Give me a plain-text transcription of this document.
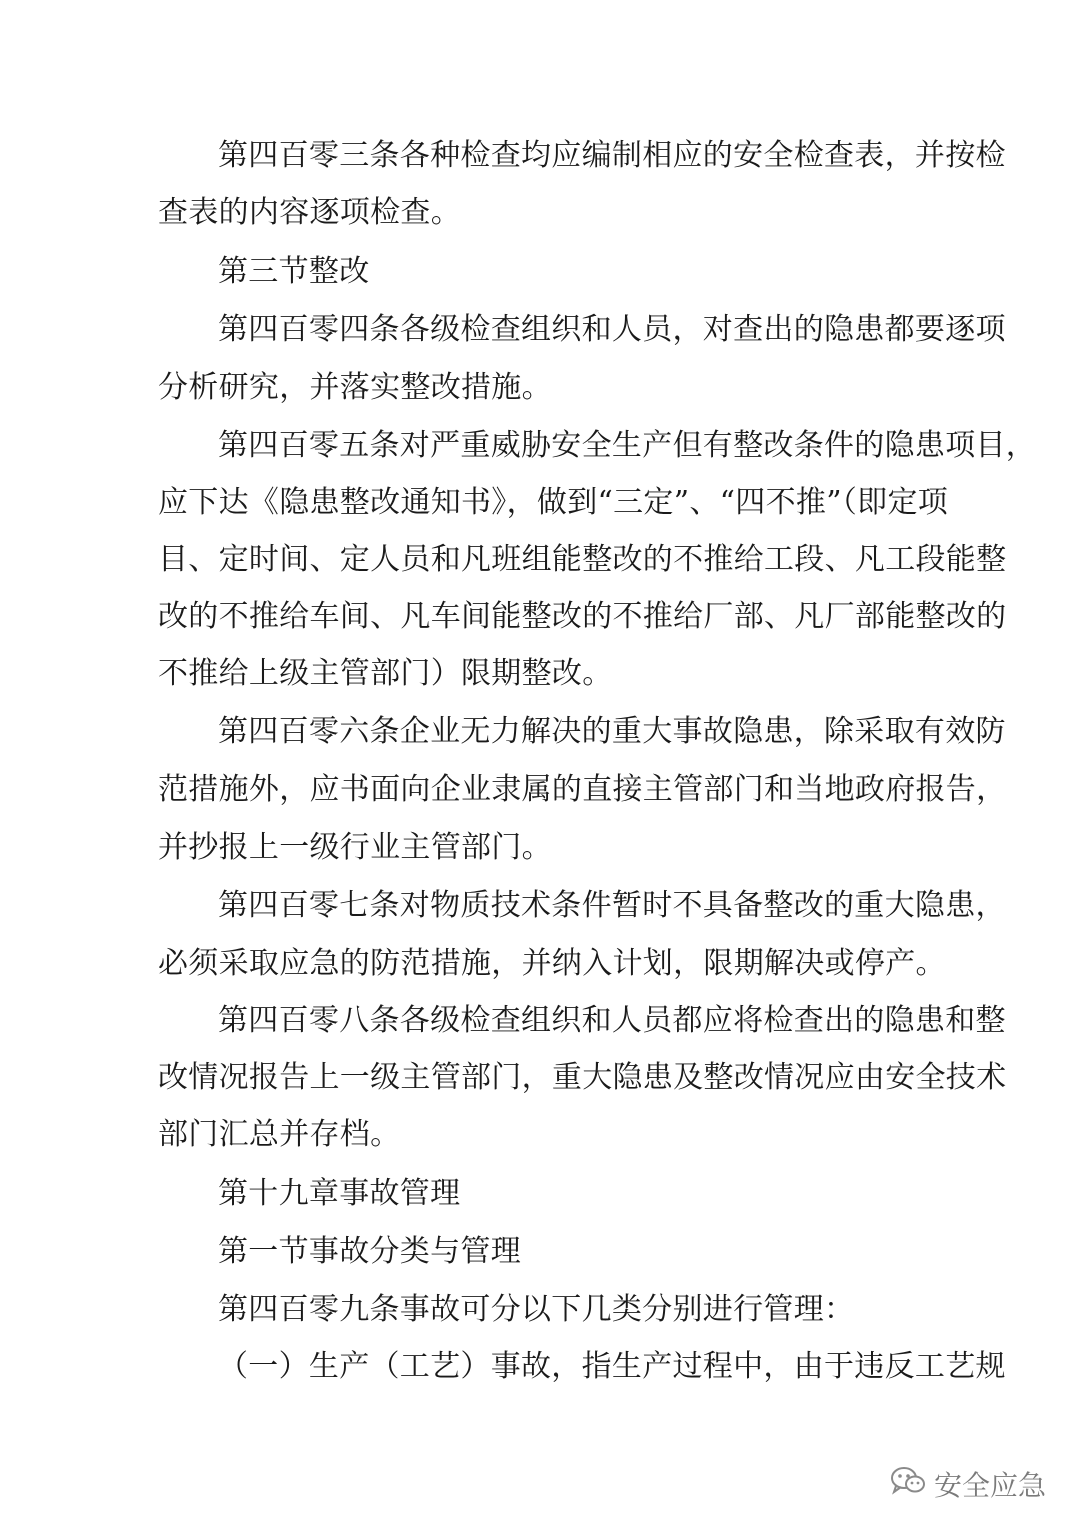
第四百零三条各种检查均应编制相应的安全检查表，并按检
查表的内容逐项检查。
第三节整改
第四百零四条各级检查组织和人员，对查出的隐患都要逐项
分析研究，并落实整改措施。
第四百零五条对严重威胁安全生产但有整改条件的隐患项目，
应下达《隐患整改通知书》，做到“三定”、“四不推”（即定项
目、定时间、定人员和凡班组能整改的不推给工段、凡工段能整
改的不推给车间、凡车间能整改的不推给厂部、凡厂部能整改的
不推给上级主管部门）限期整改。
第四百零六条企业无力解决的重大事故隐患，除采取有效防
范措施外，应书面向企业隶属的直接主管部门和当地政府报告，
并抄报上一级行业主管部门。
第四百零七条对物质技术条件暂时不具备整改的重大隐患，
必须采取应急的防范措施，并纳入计划，限期解决或停产。
第四百零八条各级检查组织和人员都应将检查出的隐患和整
改情况报告上一级主管部门，重大隐患及整改情况应由安全技术
部门汇总并存档。
第十九章事故管理
第一节事故分类与管理
第四百零九条事故可分以下几类分别进行管理：
（一）生产（工艺）事故，指生产过程中，由于违反工艺规
安全应急
